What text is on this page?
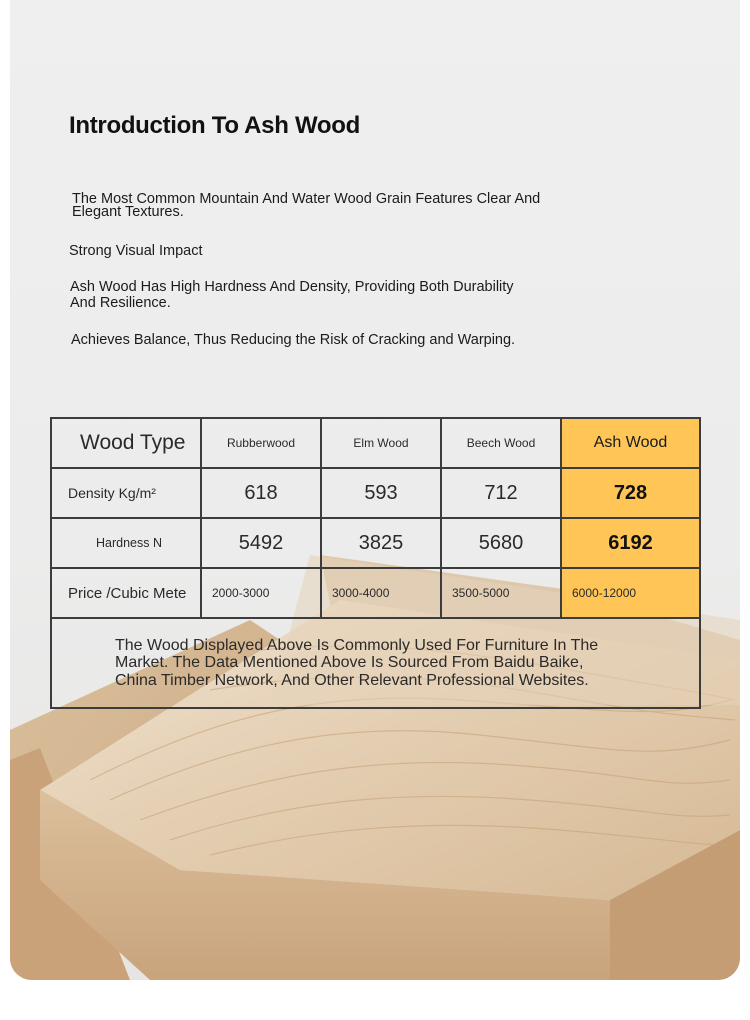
Introduction To Ash Wood

The Most Common Mountain And Water Wood Grain Features Clear And Elegant Textures.

Strong Visual Impact

Ash Wood Has High Hardness And Density, Providing Both Durability And Resilience.

Achieves Balance, Thus Reducing the Risk of Cracking and Warping.

Wood Type	Rubberwood	Elm Wood	Beech Wood	Ash Wood
Density Kg/m²	618	593	712	728
Hardness N	5492	3825	5680	6192
Price /Cubic Mete	2000-3000	3000-4000	3500-5000	6000-12000
The Wood Displayed Above Is Commonly Used For Furniture In The Market. The Data Mentioned Above Is Sourced From Baidu Baike, China Timber Network, And Other Relevant Professional Websites.				
